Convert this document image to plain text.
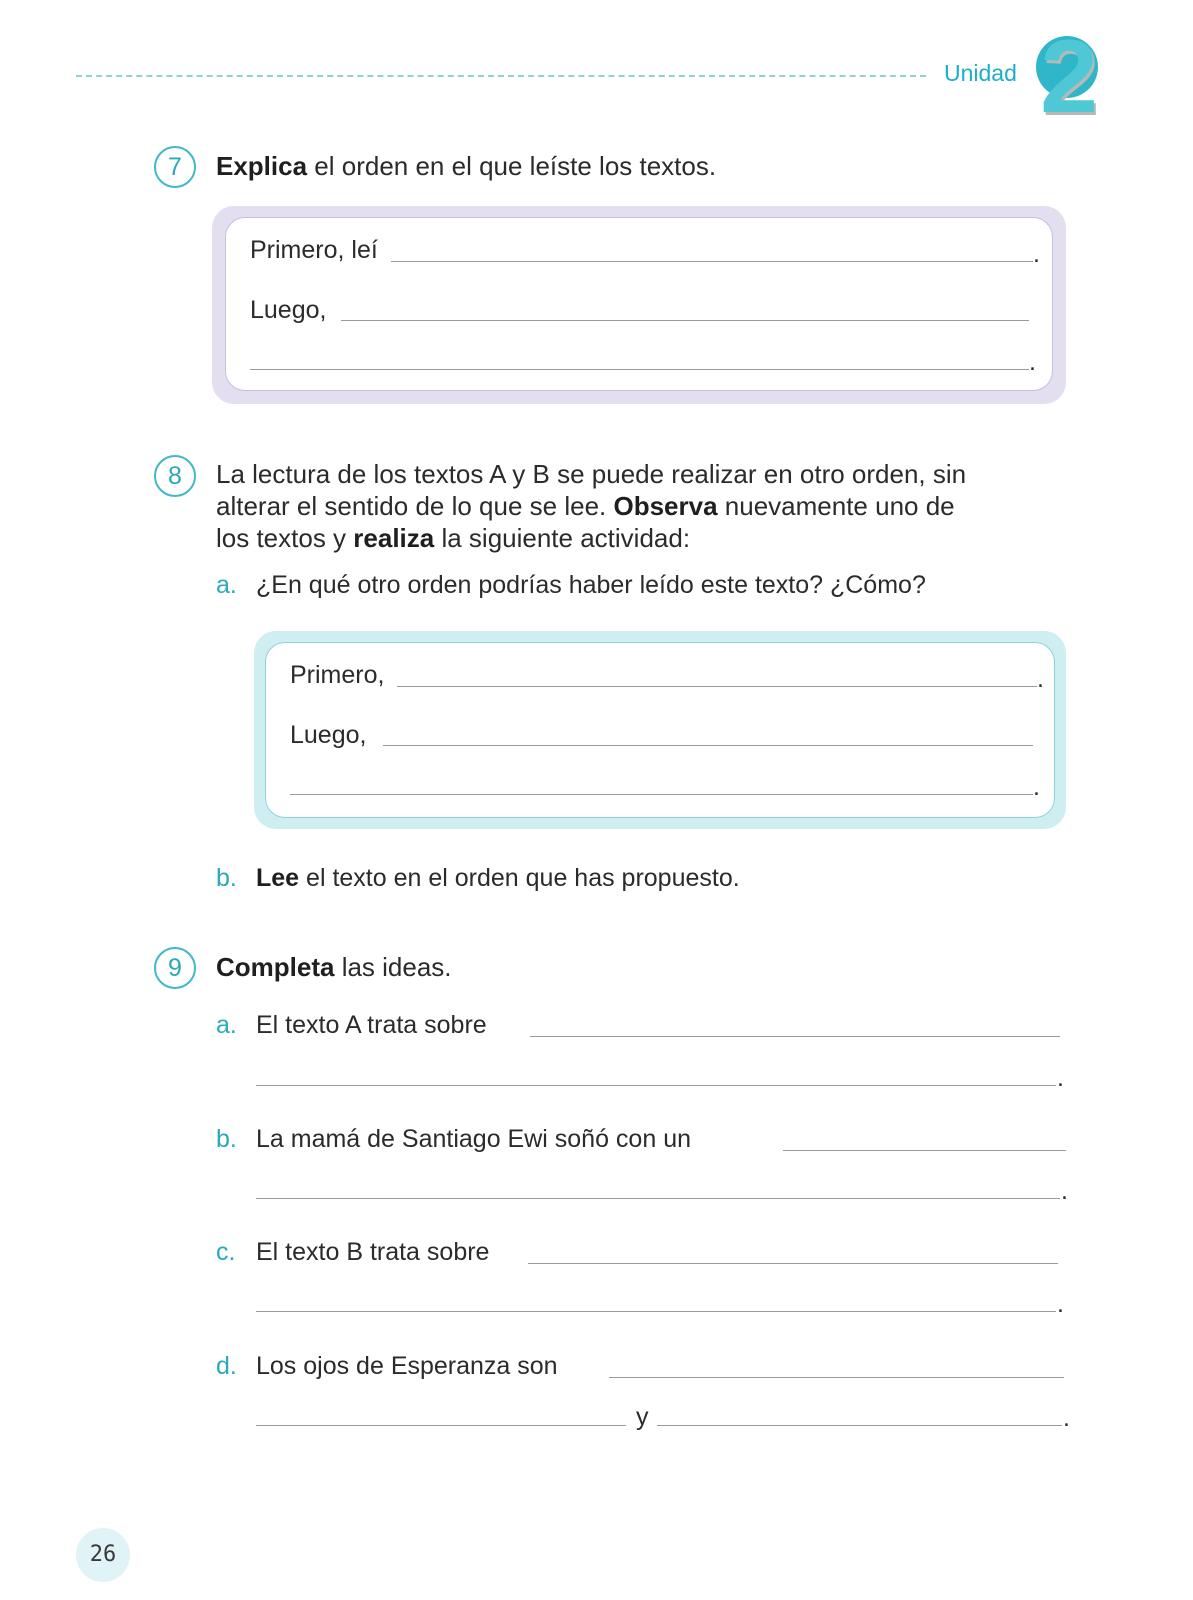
Unidad 2
7	Explica el orden en el que leíste los textos.
Primero, leí	.
Luego,
.
8	La lectura de los textos A y B se puede realizar en otro orden, sin
alterar el sentido de lo que se lee. Observa nuevamente uno de
los textos y realiza la siguiente actividad:
a. ¿En qué otro orden podrías haber leído este texto? ¿Cómo?
Primero,	.
Luego,
.
b. Lee el texto en el orden que has propuesto.
9	Completa las ideas.
a. El texto A trata sobre
.
b. La mamá de Santiago Ewi soñó con un
.
c. El texto B trata sobre
.
d. Los ojos de Esperanza son
y	.
26
